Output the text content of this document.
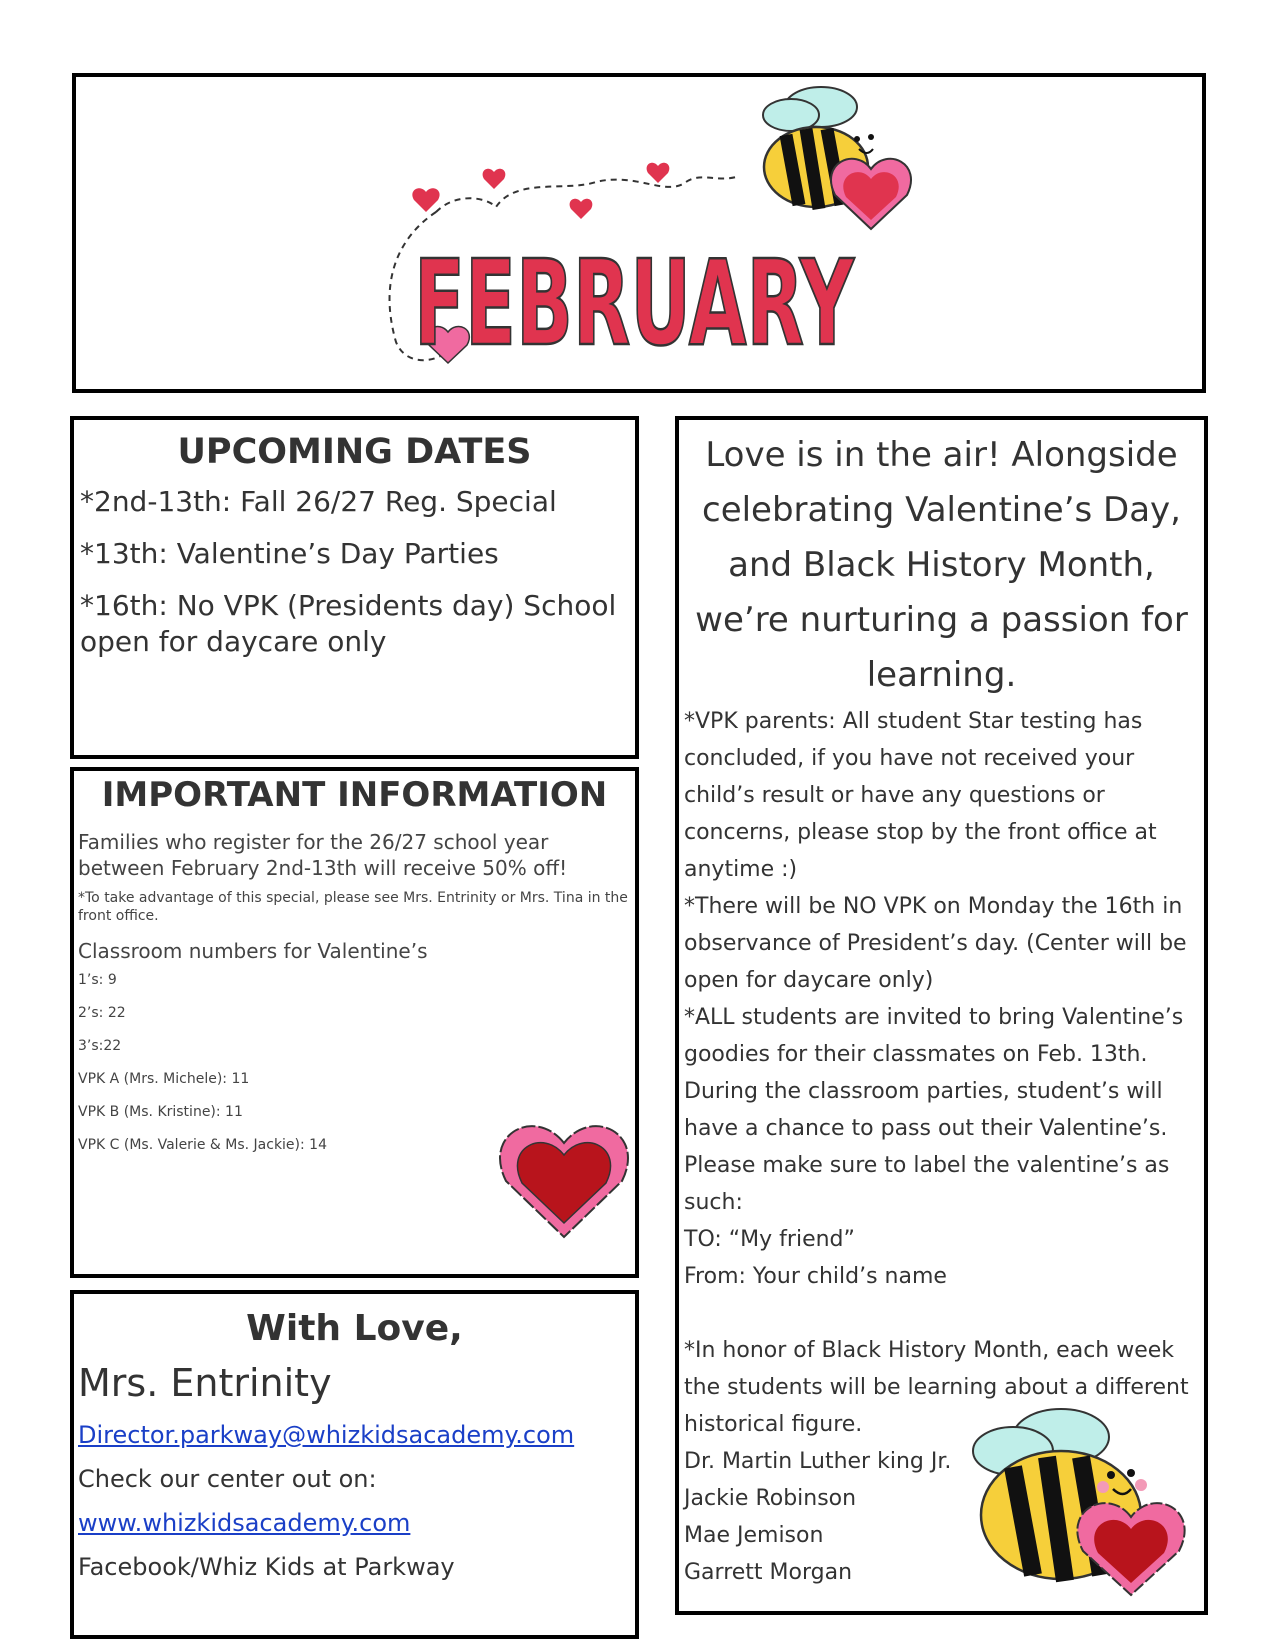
FEBRUARY
UPCOMING DATES
*2nd-13th: Fall 26/27 Reg. Special
*13th: Valentine’s Day Parties
*16th: No VPK (Presidents day) School open for daycare only
IMPORTANT INFORMATION

Families who register for the 26/27 school year between February 2nd-13th will receive 50% off!

*To take advantage of this special, please see Mrs. Entrinity or Mrs. Tina in the front office.

Classroom numbers for Valentine’s

1’s: 9
2’s: 22
3’s:22
VPK A (Mrs. Michele): 11
VPK B (Ms. Kristine): 11
VPK C (Ms. Valerie & Ms. Jackie): 14
With Love,

Mrs. Entrinity

Director.parkway@whizkidsacademy.com

Check our center out on:

www.whizkidsacademy.com

Facebook/Whiz Kids at Parkway

Love is in the air! Alongside celebrating Valentine’s Day, and Black History Month, we’re nurturing a passion for learning.

*VPK parents: All student Star testing has concluded, if you have not received your child’s result or have any questions or concerns, please stop by the front office at anytime :)

*There will be NO VPK on Monday the 16th in observance of President’s day. (Center will be open for daycare only)

*ALL students are invited to bring Valentine’s goodies for their classmates on Feb. 13th. During the classroom parties, student’s will have a chance to pass out their Valentine’s. Please make sure to label the valentine’s as such:

TO: “My friend”

From: Your child’s name

*In honor of Black History Month, each week the students will be learning about a different historical figure.

Dr. Martin Luther king Jr.
Jackie Robinson
Mae Jemison
Garrett Morgan
